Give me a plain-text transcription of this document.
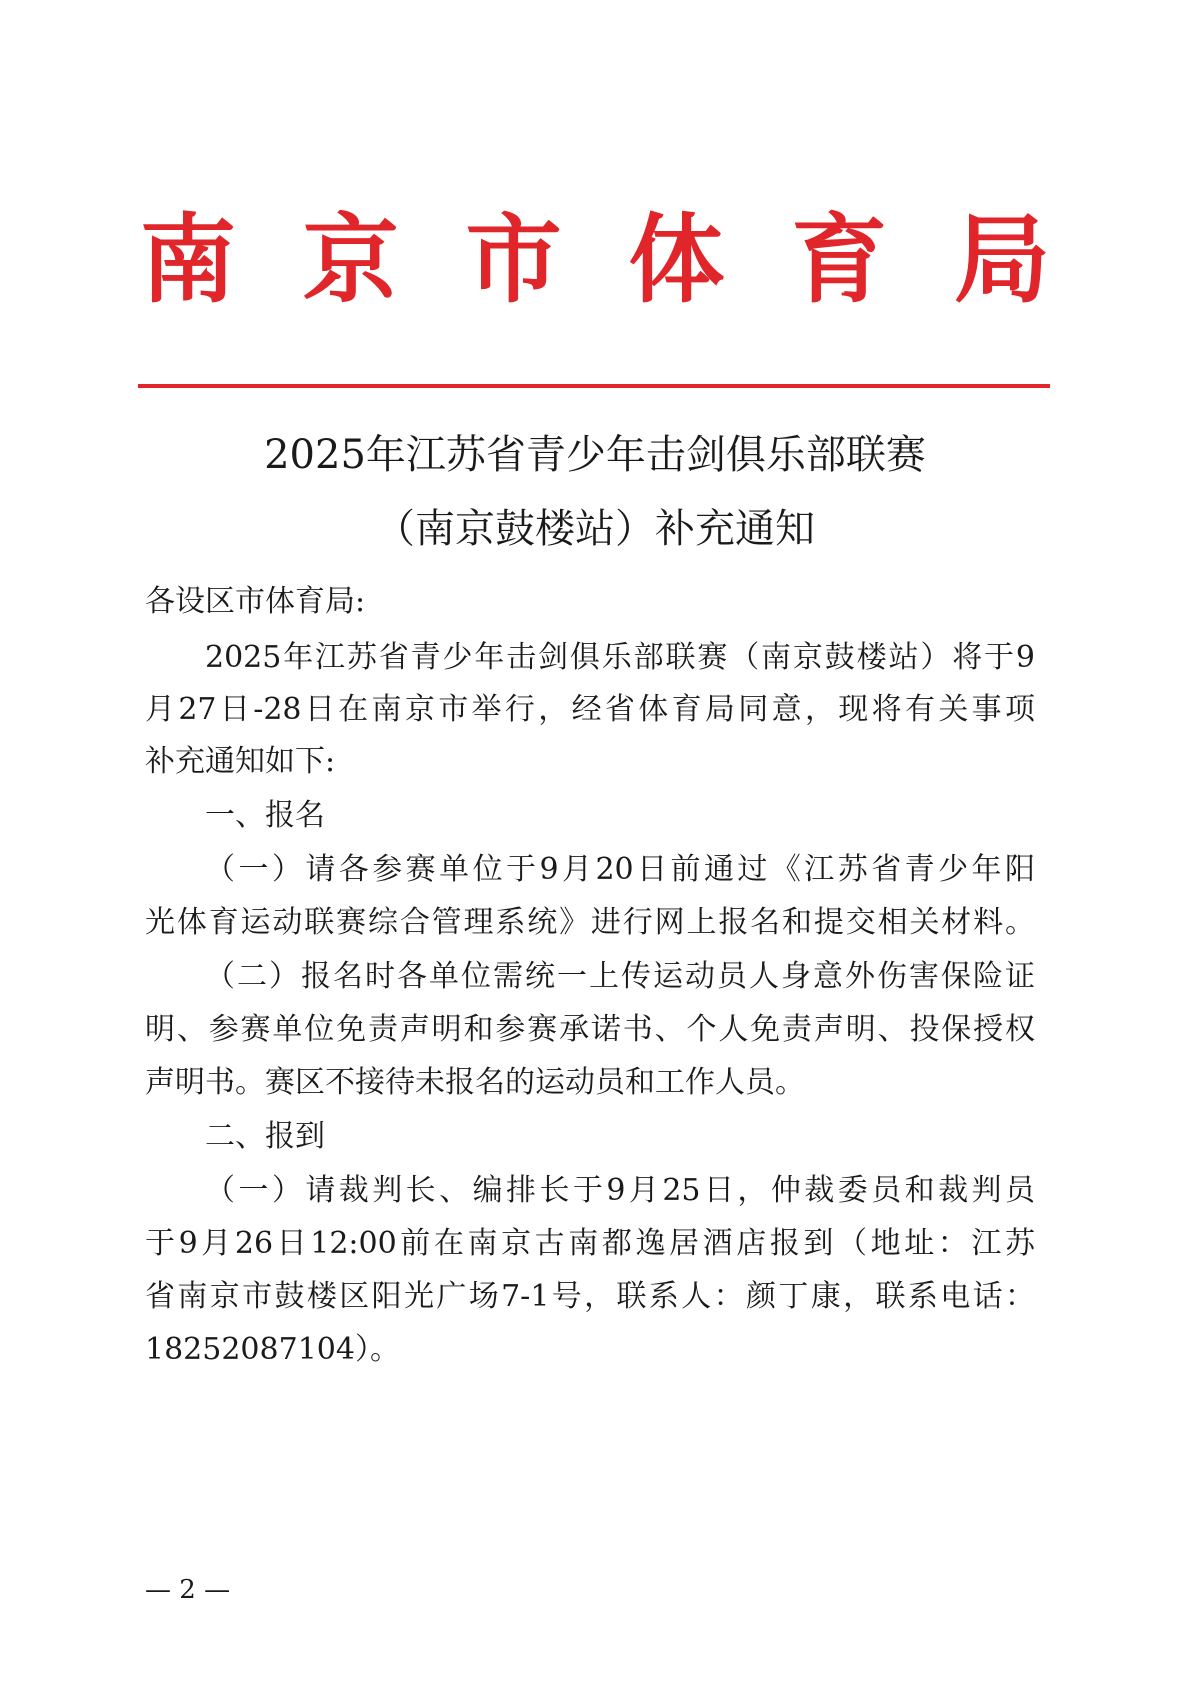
南 京 市 体 育 局
2025年江苏省青少年击剑俱乐部联赛
（南京鼓楼站）补充通知
各设区市体育局:
2025年江苏省青少年击剑俱乐部联赛（南京鼓楼站）将于9
月27日-28日在南京市举行，经省体育局同意，现将有关事项
补充通知如下:
一、报名
（一）请各参赛单位于9月20日前通过《江苏省青少年阳
光体育运动联赛综合管理系统》进行网上报名和提交相关材料。
（二）报名时各单位需统一上传运动员人身意外伤害保险证
明、参赛单位免责声明和参赛承诺书、个人免责声明、投保授权
声明书。赛区不接待未报名的运动员和工作人员。
二、报到
（一）请裁判长、编排长于9月25日，仲裁委员和裁判员
于9月26日12:00前在南京古南都逸居酒店报到（地址：江苏
省南京市鼓楼区阳光广场7-1号，联系人：颜丁康，联系电话：
18252087104）。
— 2 —
